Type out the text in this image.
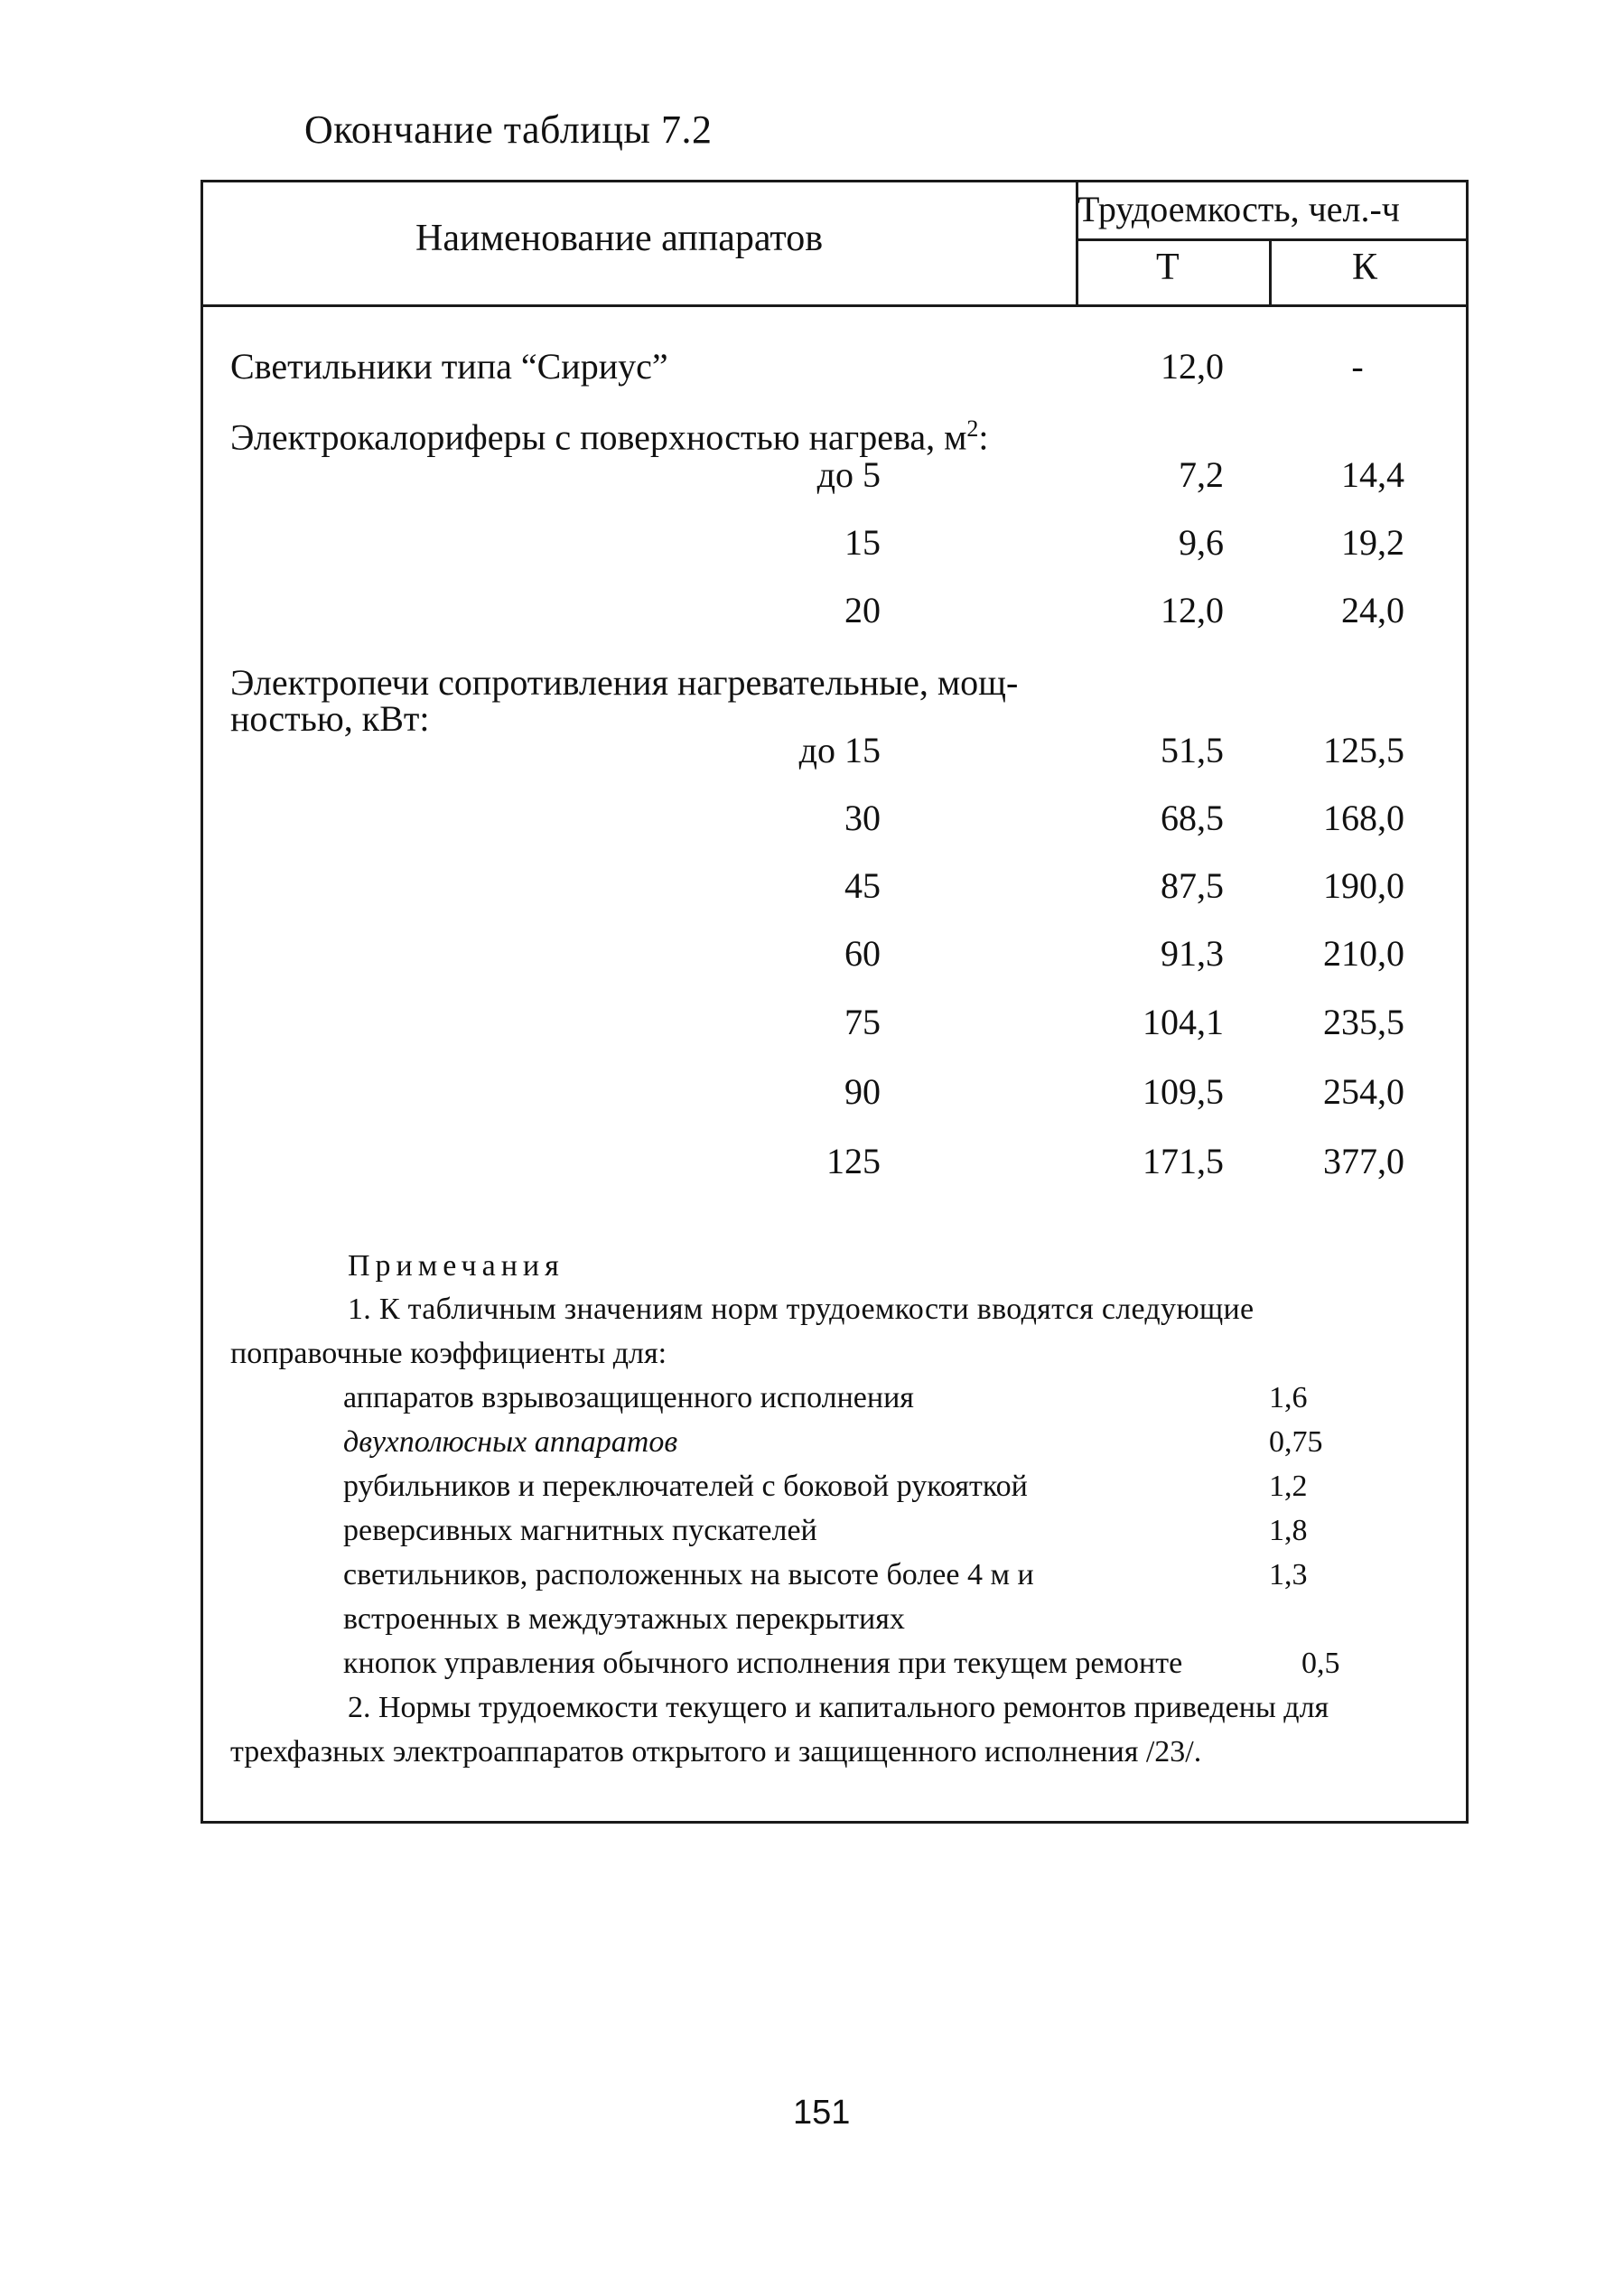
Окончание таблицы 7.2
Наименование аппаратов
Трудоемкость, чел.-ч
Т	К
Светильники типа “Сириус”	12,0	-
Электрокалориферы с поверхностью нагрева, $м^2$:
до 5	7,2	14,4
15	9,6	19,2
20	12,0	24,0
Электропечи сопротивления нагревательные, мощ-
ностью, кВт:
до 15	51,5	125,5
30	68,5	168,0
45	87,5	190,0
60	91,3	210,0
75	104,1	235,5
90	109,5	254,0
125	171,5	377,0
Примечания
1. К табличным значениям норм трудоемкости вводятся следующие
поправочные коэффициенты для:
аппаратов взрывозащищенного исполнения	1,6
двухполюсных аппаратов	0,75
рубильников и переключателей с боковой рукояткой	1,2
реверсивных магнитных пускателей	1,8
светильников, расположенных на высоте более 4 м и	1,3
встроенных в междуэтажных перекрытиях
кнопок управления обычного исполнения при текущем ремонте	0,5
2. Нормы трудоемкости текущего и капитального ремонтов приведены для
трехфазных электроаппаратов открытого и защищенного исполнения /23/.
151
